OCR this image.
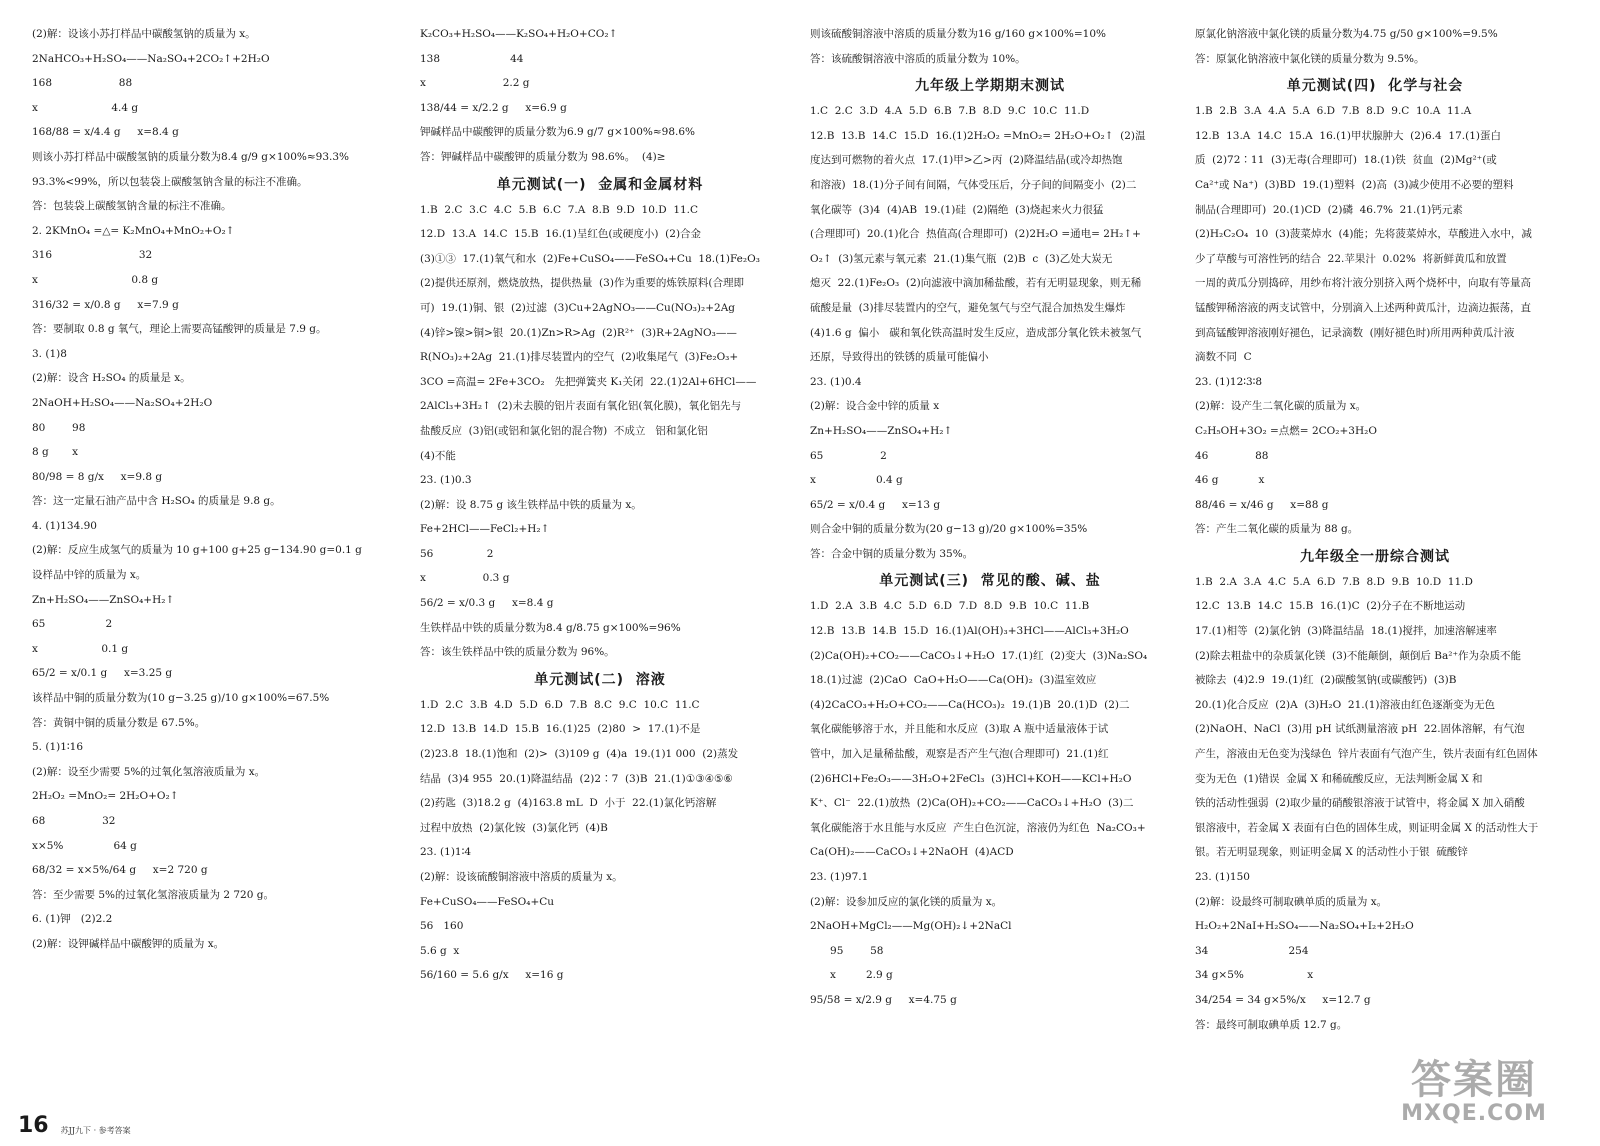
(2)解：设该小苏打样品中碳酸氢钠的质量为 x。
2NaHCO₃+H₂SO₄——Na₂SO₄+2CO₂↑+2H₂O
168                    88
x                      4.4 g
168/88 = x/4.4 g     x=8.4 g
则该小苏打样品中碳酸氢钠的质量分数为8.4 g/9 g×100%≈93.3%
93.3%<99%，所以包装袋上碳酸氢钠含量的标注不准确。
答：包装袋上碳酸氢钠含量的标注不准确。
2. 2KMnO₄ =△= K₂MnO₄+MnO₂+O₂↑
316                          32
x                            0.8 g
316/32 = x/0.8 g     x=7.9 g
答：要制取 0.8 g 氧气，理论上需要高锰酸钾的质量是 7.9 g。
3. (1)8
(2)解：设含 H₂SO₄ 的质量是 x。
2NaOH+H₂SO₄——Na₂SO₄+2H₂O
80        98
8 g       x
80/98 = 8 g/x     x=9.8 g
答：这一定量石油产品中含 H₂SO₄ 的质量是 9.8 g。
4. (1)134.90
(2)解：反应生成氢气的质量为 10 g+100 g+25 g−134.90 g=0.1 g
设样品中锌的质量为 x。
Zn+H₂SO₄——ZnSO₄+H₂↑
65                  2
x                   0.1 g
65/2 = x/0.1 g     x=3.25 g
该样品中铜的质量分数为(10 g−3.25 g)/10 g×100%=67.5%
答：黄铜中铜的质量分数是 67.5%。
5. (1)1∶16
(2)解：设至少需要 5%的过氧化氢溶液质量为 x。
2H₂O₂ =MnO₂= 2H₂O+O₂↑
68                 32
x×5%               64 g
68/32 = x×5%/64 g     x=2 720 g
答：至少需要 5%的过氧化氢溶液质量为 2 720 g。
6. (1)钾   (2)2.2
(2)解：设钾碱样品中碳酸钾的质量为 x。
K₂CO₃+H₂SO₄——K₂SO₄+H₂O+CO₂↑
138                     44
x                       2.2 g
138/44 = x/2.2 g     x=6.9 g
钾碱样品中碳酸钾的质量分数为6.9 g/7 g×100%≈98.6%
答：钾碱样品中碳酸钾的质量分数为 98.6%。  (4)≥
单元测试(一)  金属和金属材料
1.B  2.C  3.C  4.C  5.B  6.C  7.A  8.B  9.D  10.D  11.C
12.D  13.A  14.C  15.B  16.(1)呈红色(或硬度小)  (2)合金
(3)①③  17.(1)氧气和水  (2)Fe+CuSO₄——FeSO₄+Cu  18.(1)Fe₂O₃
(2)提供还原剂，燃烧放热，提供热量  (3)作为重要的炼铁原料(合理即
可)  19.(1)铜、银  (2)过滤  (3)Cu+2AgNO₃——Cu(NO₃)₂+2Ag
(4)锌>镍>铜>银  20.(1)Zn>R>Ag  (2)R²⁺  (3)R+2AgNO₃——
R(NO₃)₂+2Ag  21.(1)排尽装置内的空气  (2)收集尾气  (3)Fe₂O₃+
3CO =高温= 2Fe+3CO₂   先把弹簧夹 K₁关闭  22.(1)2Al+6HCl——
2AlCl₃+3H₂↑  (2)未去膜的铝片表面有氧化铝(氧化膜)，氧化铝先与
盐酸反应  (3)铝(或铝和氯化铝的混合物)  不成立   铝和氯化铝
(4)不能
23. (1)0.3
(2)解：设 8.75 g 该生铁样品中铁的质量为 x。
Fe+2HCl——FeCl₂+H₂↑
56                2
x                 0.3 g
56/2 = x/0.3 g     x=8.4 g
生铁样品中铁的质量分数为8.4 g/8.75 g×100%=96%
答：该生铁样品中铁的质量分数为 96%。
单元测试(二)  溶液
1.D  2.C  3.B  4.D  5.D  6.D  7.B  8.C  9.C  10.C  11.C
12.D  13.B  14.D  15.B  16.(1)25  (2)80  >  17.(1)不是
(2)23.8  18.(1)饱和  (2)>  (3)109 g  (4)a  19.(1)1 000  (2)蒸发
结晶  (3)4 955  20.(1)降温结晶  (2)2∶7  (3)B  21.(1)①③④⑤⑥
(2)药匙  (3)18.2 g  (4)163.8 mL  D  小于  22.(1)氯化钙溶解
过程中放热  (2)氯化铵  (3)氯化钙  (4)B
23. (1)1∶4
(2)解：设该硫酸铜溶液中溶质的质量为 x。
Fe+CuSO₄——FeSO₄+Cu
56   160
5.6 g  x
56/160 = 5.6 g/x     x=16 g
则该硫酸铜溶液中溶质的质量分数为16 g/160 g×100%=10%
答：该硫酸铜溶液中溶质的质量分数为 10%。
九年级上学期期末测试
1.C  2.C  3.D  4.A  5.D  6.B  7.B  8.D  9.C  10.C  11.D
12.B  13.B  14.C  15.D  16.(1)2H₂O₂ =MnO₂= 2H₂O+O₂↑  (2)温
度达到可燃物的着火点  17.(1)甲>乙>丙  (2)降温结晶(或冷却热饱
和溶液)  18.(1)分子间有间隔，气体受压后，分子间的间隔变小  (2)二
氧化碳等  (3)4  (4)AB  19.(1)硅  (2)隔绝  (3)烧起来火力很猛
(合理即可)  20.(1)化合  热值高(合理即可)  (2)2H₂O =通电= 2H₂↑+
O₂↑  (3)氢元素与氧元素  21.(1)集气瓶  (2)B  c  (3)乙处大炭无
熄灭  22.(1)Fe₂O₃  (2)向滤液中滴加稀盐酸，若有无明显现象，则无稀
硫酸是量  (3)排尽装置内的空气，避免氢气与空气混合加热发生爆炸
(4)1.6 g  偏小   碳和氧化铁高温时发生反应，造成部分氧化铁未被氢气
还原，导致得出的铁锈的质量可能偏小
23. (1)0.4
(2)解：设合金中锌的质量 x
Zn+H₂SO₄——ZnSO₄+H₂↑
65                 2
x                  0.4 g
65/2 = x/0.4 g     x=13 g
则合金中铜的质量分数为(20 g−13 g)/20 g×100%=35%
答：合金中铜的质量分数为 35%。
单元测试(三)  常见的酸、碱、盐
1.D  2.A  3.B  4.C  5.D  6.D  7.D  8.D  9.B  10.C  11.B
12.B  13.B  14.B  15.D  16.(1)Al(OH)₃+3HCl——AlCl₃+3H₂O
(2)Ca(OH)₂+CO₂——CaCO₃↓+H₂O  17.(1)红  (2)变大  (3)Na₂SO₄
18.(1)过滤  (2)CaO  CaO+H₂O——Ca(OH)₂  (3)温室效应
(4)2CaCO₃+H₂O+CO₂——Ca(HCO₃)₂  19.(1)B  20.(1)D  (2)二
氧化碳能够溶于水，并且能和水反应  (3)取 A 瓶中适量液体于试
管中，加入足量稀盐酸，观察是否产生气泡(合理即可)  21.(1)红
(2)6HCl+Fe₂O₃——3H₂O+2FeCl₃  (3)HCl+KOH——KCl+H₂O
K⁺、Cl⁻  22.(1)放热  (2)Ca(OH)₂+CO₂——CaCO₃↓+H₂O  (3)二
氧化碳能溶于水且能与水反应  产生白色沉淀，溶液仍为红色  Na₂CO₃+
Ca(OH)₂——CaCO₃↓+2NaOH  (4)ACD
23. (1)97.1
(2)解：设参加反应的氯化镁的质量为 x。
2NaOH+MgCl₂——Mg(OH)₂↓+2NaCl
95        58
x         2.9 g
95/58 = x/2.9 g     x=4.75 g
原氯化钠溶液中氯化镁的质量分数为4.75 g/50 g×100%=9.5%
答：原氯化钠溶液中氯化镁的质量分数为 9.5%。
单元测试(四)  化学与社会
1.B  2.B  3.A  4.A  5.A  6.D  7.B  8.D  9.C  10.A  11.A
12.B  13.A  14.C  15.A  16.(1)甲状腺肿大  (2)6.4  17.(1)蛋白
质  (2)72∶11  (3)无毒(合理即可)  18.(1)铁  贫血  (2)Mg²⁺(或
Ca²⁺或 Na⁺)  (3)BD  19.(1)塑料  (2)高  (3)减少使用不必要的塑料
制品(合理即可)  20.(1)CD  (2)磷  46.7%  21.(1)钙元素
(2)H₂C₂O₄  10  (3)菠菜焯水  (4)能；先将菠菜焯水，草酸进入水中，减
少了草酸与可溶性钙的结合  22.苹果汁  0.02%  将新鲜黄瓜和放置
一周的黄瓜分别捣碎，用纱布将汁液分别挤入两个烧杯中，向取有等量高
锰酸钾稀溶液的两支试管中，分别滴入上述两种黄瓜汁，边滴边振荡，直
到高锰酸钾溶液刚好褪色，记录滴数  (刚好褪色时)所用两种黄瓜汁液
滴数不同  C
23. (1)12∶3∶8
(2)解：设产生二氧化碳的质量为 x。
C₂H₅OH+3O₂ =点燃= 2CO₂+3H₂O
46              88
46 g            x
88/46 = x/46 g     x=88 g
答：产生二氧化碳的质量为 88 g。
九年级全一册综合测试
1.B  2.A  3.A  4.C  5.A  6.D  7.B  8.D  9.B  10.D  11.D
12.C  13.B  14.C  15.B  16.(1)C  (2)分子在不断地运动
17.(1)相等  (2)氯化钠  (3)降温结晶  18.(1)搅拌，加速溶解速率
(2)除去粗盐中的杂质氯化镁  (3)不能颠倒，颠倒后 Ba²⁺作为杂质不能
被除去  (4)2.9  19.(1)红  (2)碳酸氢钠(或碳酸钙)  (3)B
20.(1)化合反应  (2)A  (3)H₂O  21.(1)溶液由红色逐渐变为无色
(2)NaOH、NaCl  (3)用 pH 试纸测量溶液 pH  22.固体溶解，有气泡
产生，溶液由无色变为浅绿色  锌片表面有气泡产生，铁片表面有红色固体
变为无色  (1)错误  金属 X 和稀硫酸反应，无法判断金属 X 和
铁的活动性强弱  (2)取少量的硝酸银溶液于试管中，将金属 X 加入硝酸
银溶液中，若金属 X 表面有白色的固体生成，则证明金属 X 的活动性大于
银。若无明显现象，则证明金属 X 的活动性小于银  硫酸锌
23. (1)150
(2)解：设最终可制取碘单质的质量为 x。
H₂O₂+2NaI+H₂SO₄——Na₂SO₄+I₂+2H₂O
34                        254
34 g×5%                   x
34/254 = 34 g×5%/x     x=12.7 g
答：最终可制取碘单质 12.7 g。
16 苏JJ九下 · 参考答案
答案圈
MXQE.COM
